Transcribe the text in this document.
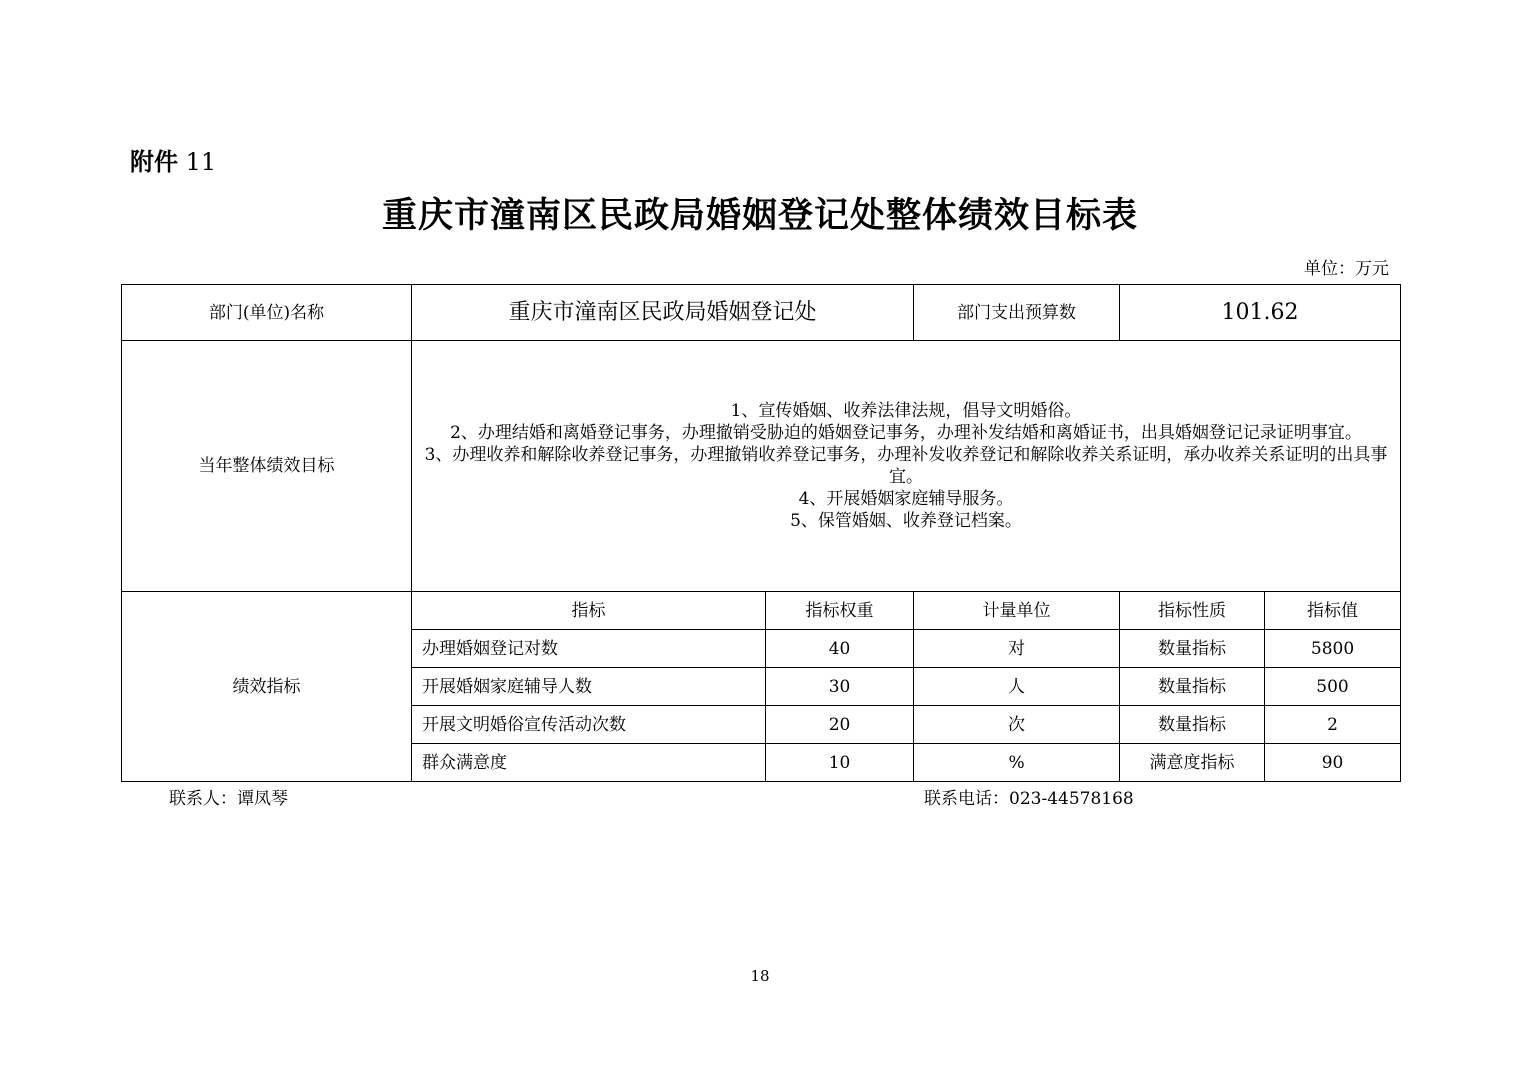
附件 11
重庆市潼南区民政局婚姻登记处整体绩效目标表
单位：万元
部门(单位)名称	重庆市潼南区民政局婚姻登记处		部门支出预算数	101.62	
当年整体绩效目标	1、宣传婚姻、收养法律法规，倡导文明婚俗。
2、办理结婚和离婚登记事务，办理撤销受胁迫的婚姻登记事务，办理补发结婚和离婚证书，出具婚姻登记记录证明事宜。
3、办理收养和解除收养登记事务，办理撤销收养登记事务，办理补发收养登记和解除收养关系证明，承办收养关系证明的出具事宜。
4、开展婚姻家庭辅导服务。
5、保管婚姻、收养登记档案。				

绩效指标	指标	指标权重	计量单位	指标性质	指标值
	办理婚姻登记对数	40	对	数量指标	5800
	开展婚姻家庭辅导人数	30	人	数量指标	500
	开展文明婚俗宣传活动次数	20	次	数量指标	2
	群众满意度	10	%	满意度指标	90
联系人：谭凤琴	联系电话：023-44578168
18
